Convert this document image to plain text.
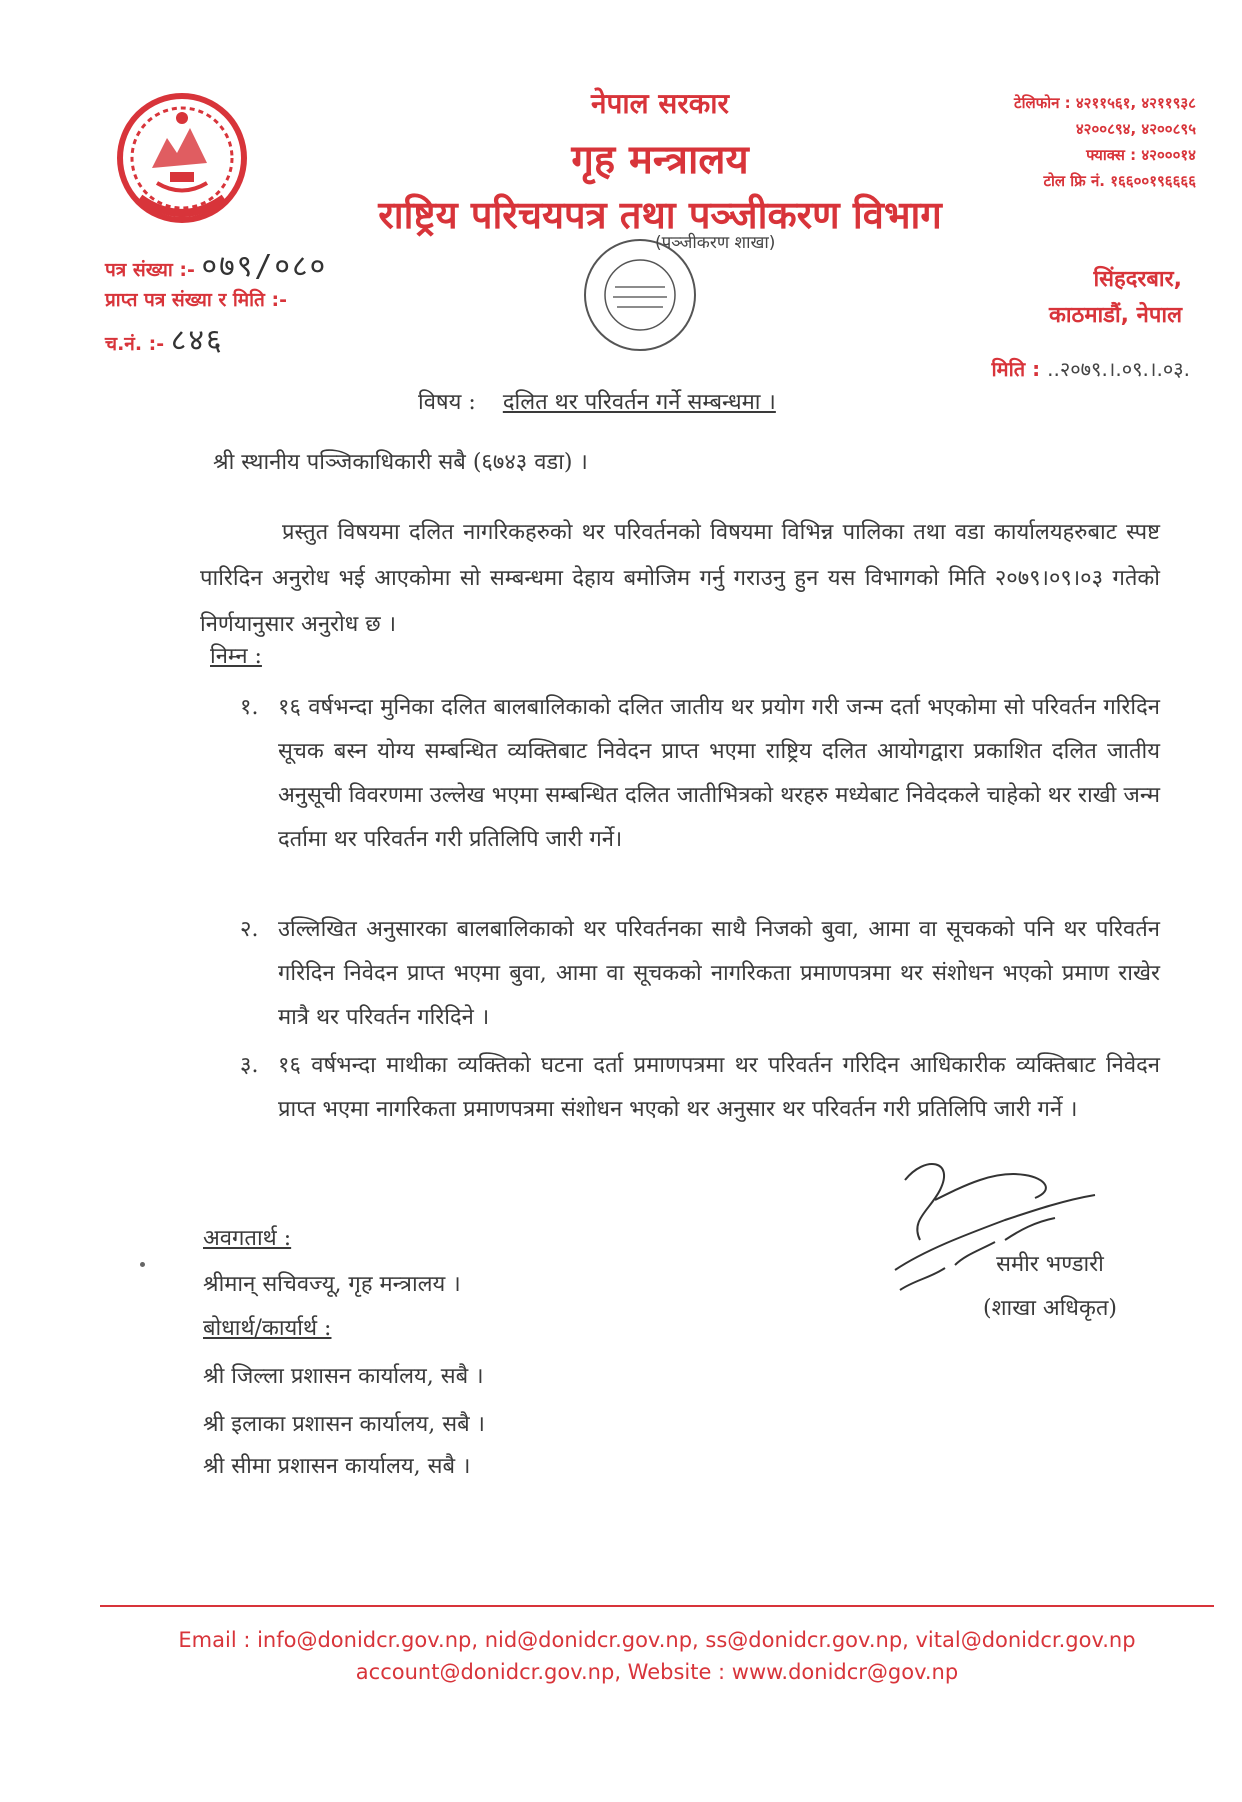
नेपाल सरकार
गृह मन्त्रालय
राष्ट्रिय परिचयपत्र तथा पञ्जीकरण विभाग
टेलिफोन : ४२११५६१, ४२११९३८
४२००८९४, ४२००८९५
फ्याक्स : ४२०००१४
टोल फ्रि नं. १६६००१९६६६६
(पञ्जीकरण शाखा)
पत्र संख्या :- ०७९/०८०
प्राप्त पत्र संख्या र मिति :-
च.नं. :- ८४६
सिंहदरबार,
काठमाडौं, नेपाल
मिति : ..२०७९.।.०९.।.०३.
विषय : दलित थर परिवर्तन गर्ने सम्बन्धमा ।
श्री स्थानीय पञ्जिकाधिकारी सबै (६७४३ वडा) ।
प्रस्तुत विषयमा दलित नागरिकहरुको थर परिवर्तनको विषयमा विभिन्न पालिका तथा वडा कार्यालयहरुबाट स्पष्ट पारिदिन अनुरोध भई आएकोमा सो सम्बन्धमा देहाय बमोजिम गर्नु गराउनु हुन यस विभागको मिति २०७९।०९।०३ गतेको निर्णयानुसार अनुरोध छ ।
निम्न :
१. १६ वर्षभन्दा मुनिका दलित बालबालिकाको दलित जातीय थर प्रयोग गरी जन्म दर्ता भएकोमा सो परिवर्तन गरिदिन सूचक बस्न योग्य सम्बन्धित व्यक्तिबाट निवेदन प्राप्त भएमा राष्ट्रिय दलित आयोगद्वारा प्रकाशित दलित जातीय अनुसूची विवरणमा उल्लेख भएमा सम्बन्धित दलित जातीभित्रको थरहरु मध्येबाट निवेदकले चाहेको थर राखी जन्म दर्तामा थर परिवर्तन गरी प्रतिलिपि जारी गर्ने।
२. उल्लिखित अनुसारका बालबालिकाको थर परिवर्तनका साथै निजको बुवा, आमा वा सूचकको पनि थर परिवर्तन गरिदिन निवेदन प्राप्त भएमा बुवा, आमा वा सूचकको नागरिकता प्रमाणपत्रमा थर संशोधन भएको प्रमाण राखेर मात्रै थर परिवर्तन गरिदिने ।
३. १६ वर्षभन्दा माथीका व्यक्तिको घटना दर्ता प्रमाणपत्रमा थर परिवर्तन गरिदिन आधिकारीक व्यक्तिबाट निवेदन प्राप्त भएमा नागरिकता प्रमाणपत्रमा संशोधन भएको थर अनुसार थर परिवर्तन गरी प्रतिलिपि जारी गर्ने ।
समीर भण्डारी
(शाखा अधिकृत)
अवगतार्थ :
श्रीमान् सचिवज्यू, गृह मन्त्रालय ।
बोधार्थ/कार्यार्थ :
श्री जिल्ला प्रशासन कार्यालय, सबै ।
श्री इलाका प्रशासन कार्यालय, सबै ।
श्री सीमा प्रशासन कार्यालय, सबै ।
Email : info@donidcr.gov.np, nid@donidcr.gov.np, ss@donidcr.gov.np, vital@donidcr.gov.np
account@donidcr.gov.np, Website : www.donidcr@gov.np
